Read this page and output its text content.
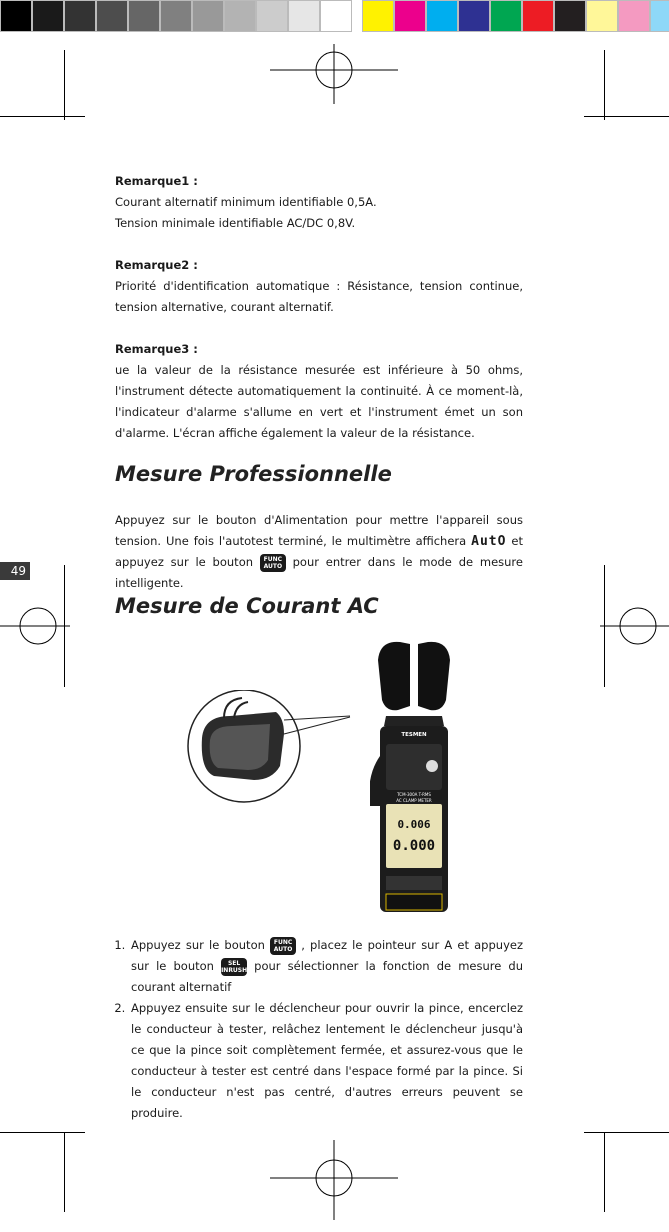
Remarque1 :

Courant alternatif minimum identifiable 0,5A.

Tension minimale identifiable AC/DC 0,8V.

Remarque2 :

Priorité d'identification automatique : Résistance, tension continue, tension alternative, courant alternatif.

Remarque3 :

ue la valeur de la résistance mesurée est inférieure à 50 ohms, l'instrument détecte automatiquement la continuité. À ce moment-là, l'indicateur d'alarme s'allume en vert et l'instrument émet un son d'alarme. L'écran affiche également la valeur de la résistance.

Mesure Professionnelle

Appuyez sur le bouton d'Alimentation pour mettre l'appareil sous tension. Une fois l'autotest terminé, le multimètre affichera AutO et appuyez sur le bouton FUNC
AUTO pour entrer dans le mode de mesure intelligente.

49
Mesure de Courant AC
TESMEN
TCM-300A T-RMS
AC CLAMP METER
0.006
0.000
1. Appuyez sur le bouton FUNC
AUTO , placez le pointeur sur A et appuyez sur le bouton SEL
INRUSH pour sélectionner la fonction de mesure du courant alternatif
2. Appuyez ensuite sur le déclencheur pour ouvrir la pince, encerclez le conducteur à tester, relâchez lentement le déclencheur jusqu'à ce que la pince soit complètement fermée, et assurez-vous que le conducteur à tester est centré dans l'espace formé par la pince. Si le conducteur n'est pas centré, d'autres erreurs peuvent se produire.
